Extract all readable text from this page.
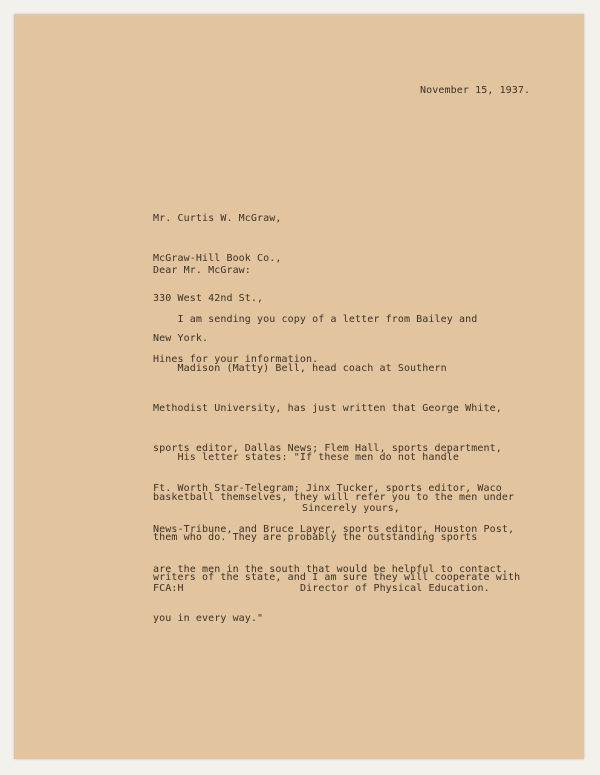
November 15, 1937.

Mr. Curtis W. McGraw,

McGraw-Hill Book Co.,

330 West 42nd St.,

New York.

Dear Mr. McGraw:

I am sending you copy of a letter from Bailey and

Hines for your information.

Madison (Matty) Bell, head coach at Southern

Methodist University, has just written that George White,

sports editor, Dallas News; Flem Hall, sports department,

Ft. Worth Star-Telegram; Jinx Tucker, sports editor, Waco

News-Tribune, and Bruce Layer, sports editor, Houston Post,

are the men in the south that would be helpful to contact.

His letter states: "If these men do not handle

basketball themselves, they will refer you to the men under

them who do. They are probably the outstanding sports

writers of the state, and I am sure they will cooperate with

you in every way."

Sincerely yours,
FCA:H	Director of Physical Education.
